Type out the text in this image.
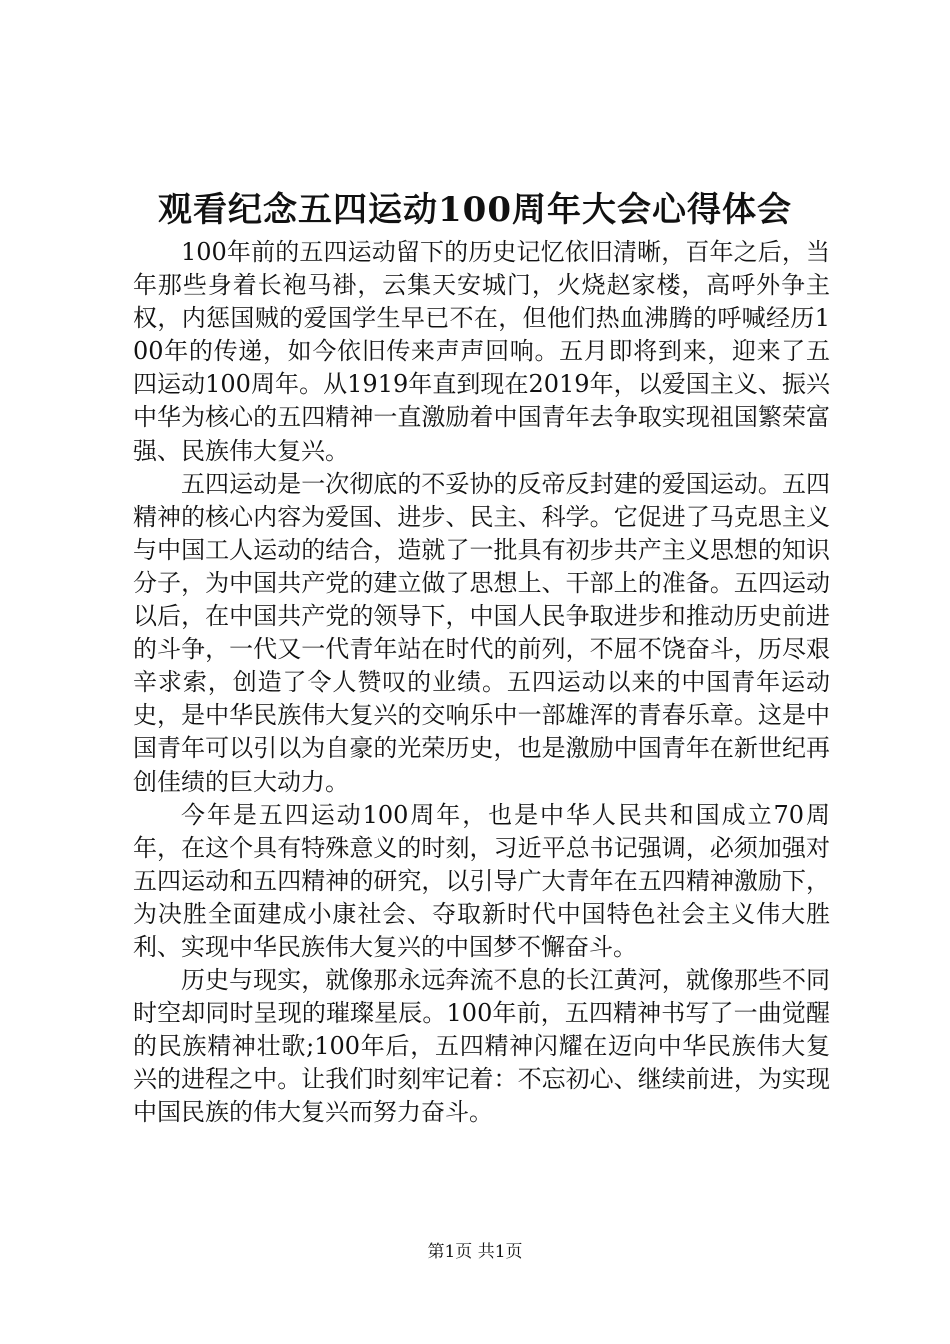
观看纪念五四运动100周年大会心得体会

100年前的五四运动留下的历史记忆依旧清晰，百年之后，当年那些身着长袍马褂，云集天安城门，火烧赵家楼，高呼外争主权，内惩国贼的爱国学生早已不在，但他们热血沸腾的呼喊经历100年的传递，如今依旧传来声声回响。五月即将到来，迎来了五四运动100周年。从1919年直到现在2019年，以爱国主义、振兴中华为核心的五四精神一直激励着中国青年去争取实现祖国繁荣富强、民族伟大复兴。

五四运动是一次彻底的不妥协的反帝反封建的爱国运动。五四精神的核心内容为爱国、进步、民主、科学。它促进了马克思主义与中国工人运动的结合，造就了一批具有初步共产主义思想的知识分子，为中国共产党的建立做了思想上、干部上的准备。五四运动以后，在中国共产党的领导下，中国人民争取进步和推动历史前进的斗争，一代又一代青年站在时代的前列，不屈不饶奋斗，历尽艰辛求索，创造了令人赞叹的业绩。五四运动以来的中国青年运动史，是中华民族伟大复兴的交响乐中一部雄浑的青春乐章。这是中国青年可以引以为自豪的光荣历史，也是激励中国青年在新世纪再创佳绩的巨大动力。

今年是五四运动100周年，也是中华人民共和国成立70周年，在这个具有特殊意义的时刻，习近平总书记强调，必须加强对五四运动和五四精神的研究，以引导广大青年在五四精神激励下，为决胜全面建成小康社会、夺取新时代中国特色社会主义伟大胜利、实现中华民族伟大复兴的中国梦不懈奋斗。

历史与现实，就像那永远奔流不息的长江黄河，就像那些不同时空却同时呈现的璀璨星辰。100年前，五四精神书写了一曲觉醒的民族精神壮歌;100年后，五四精神闪耀在迈向中华民族伟大复兴的进程之中。让我们时刻牢记着：不忘初心、继续前进，为实现中国民族的伟大复兴而努力奋斗。

第1页 共1页
